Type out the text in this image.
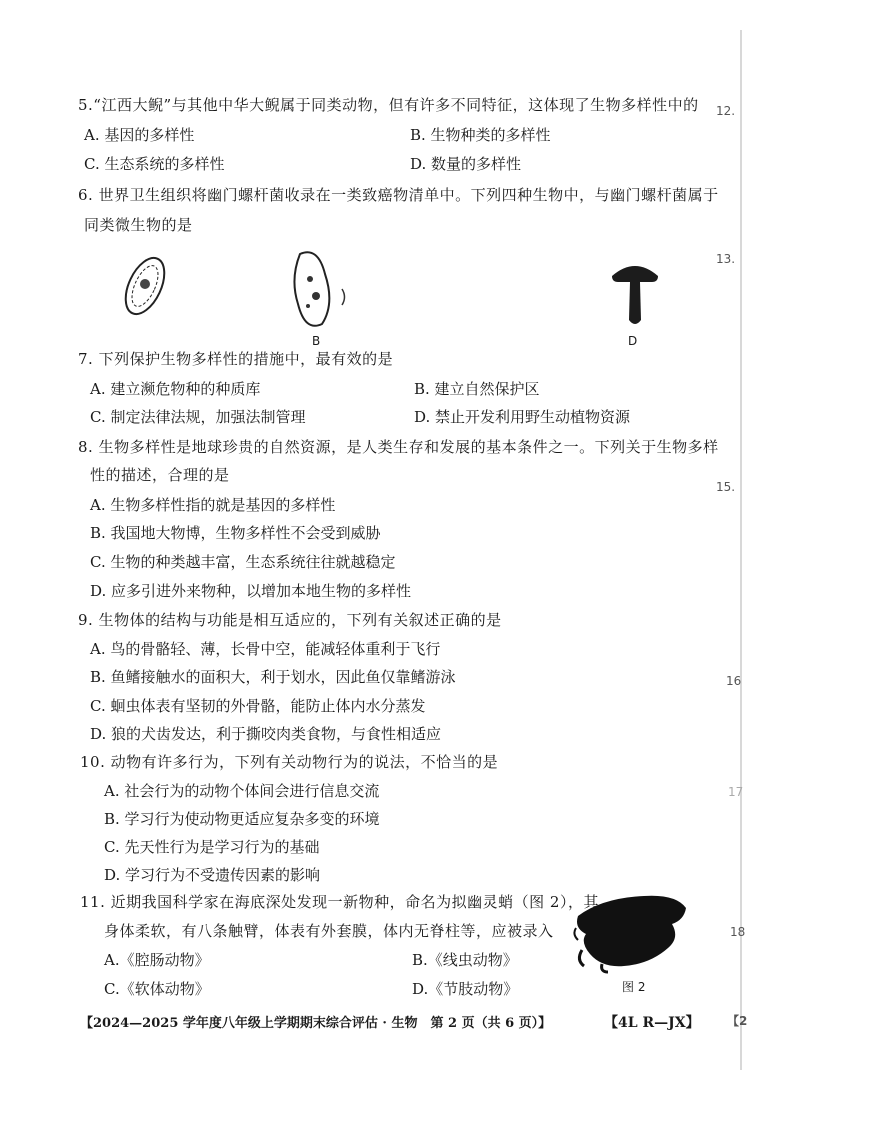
5.“江西大鲵”与其他中华大鲵属于同类动物，但有许多不同特征，这体现了生物多样性中的
A. 基因的多样性	B. 生物种类的多样性
C. 生态系统的多样性	D. 数量的多样性
6. 世界卫生组织将幽门螺杆菌收录在一类致癌物清单中。下列四种生物中，与幽门螺杆菌属于
同类微生物的是
B	D
7. 下列保护生物多样性的措施中，最有效的是
A. 建立濒危物种的种质库	B. 建立自然保护区
C. 制定法律法规，加强法制管理	D. 禁止开发利用野生动植物资源
8. 生物多样性是地球珍贵的自然资源，是人类生存和发展的基本条件之一。下列关于生物多样
性的描述，合理的是
A. 生物多样性指的就是基因的多样性
B. 我国地大物博，生物多样性不会受到威胁
C. 生物的种类越丰富，生态系统往往就越稳定
D. 应多引进外来物种，以增加本地生物的多样性
9. 生物体的结构与功能是相互适应的，下列有关叙述正确的是
A. 鸟的骨骼轻、薄，长骨中空，能减轻体重利于飞行
B. 鱼鳍接触水的面积大，利于划水，因此鱼仅靠鳍游泳
C. 蛔虫体表有坚韧的外骨骼，能防止体内水分蒸发
D. 狼的犬齿发达，利于撕咬肉类食物，与食性相适应
10. 动物有许多行为，下列有关动物行为的说法，不恰当的是
A. 社会行为的动物个体间会进行信息交流
B. 学习行为使动物更适应复杂多变的环境
C. 先天性行为是学习行为的基础
D. 学习行为不受遗传因素的影响
11. 近期我国科学家在海底深处发现一新物种，命名为拟幽灵蛸（图 2），其
身体柔软，有八条触臂，体表有外套膜，体内无脊柱等，应被录入
A.《腔肠动物》	B.《线虫动物》
C.《软体动物》	D.《节肢动物》	图 2
12.
13.
15.
16
17
18
【2
【2024—2025 学年度八年级上学期期末综合评估 · 生物　第 2 页（共 6 页）】	【4L R—JX】
